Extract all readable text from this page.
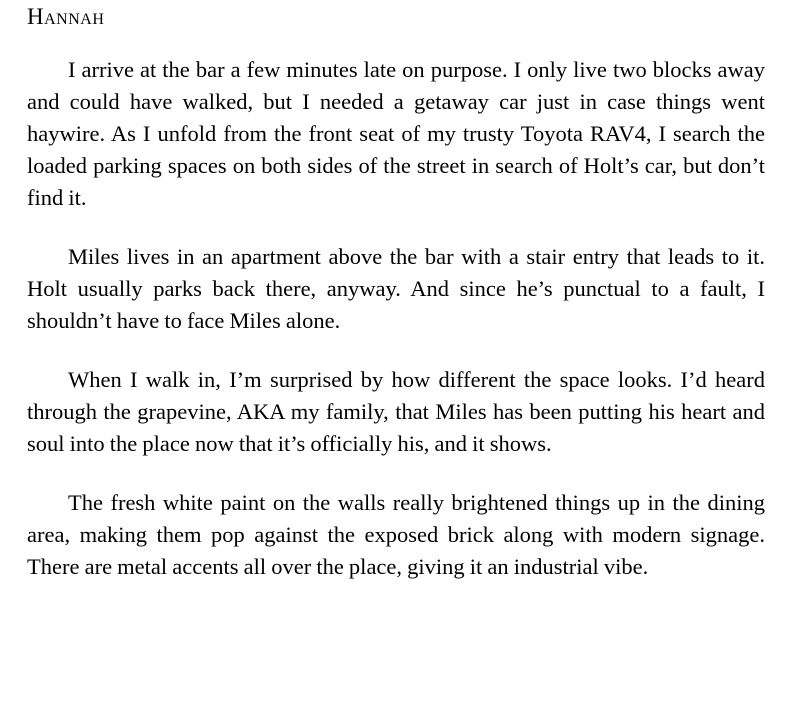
Hannah

I arrive at the bar a few minutes late on purpose. I only live two blocks away and could have walked, but I needed a getaway car just in case things went haywire. As I unfold from the front seat of my trusty Toyota RAV4, I search the loaded parking spaces on both sides of the street in search of Holt’s car, but don’t find it.

Miles lives in an apartment above the bar with a stair entry that leads to it. Holt usually parks back there, anyway. And since he’s punctual to a fault, I shouldn’t have to face Miles alone.

When I walk in, I’m surprised by how different the space looks. I’d heard through the grapevine, AKA my family, that Miles has been putting his heart and soul into the place now that it’s officially his, and it shows.

The fresh white paint on the walls really brightened things up in the dining area, making them pop against the exposed brick along with modern signage. There are metal accents all over the place, giving it an industrial vibe.
